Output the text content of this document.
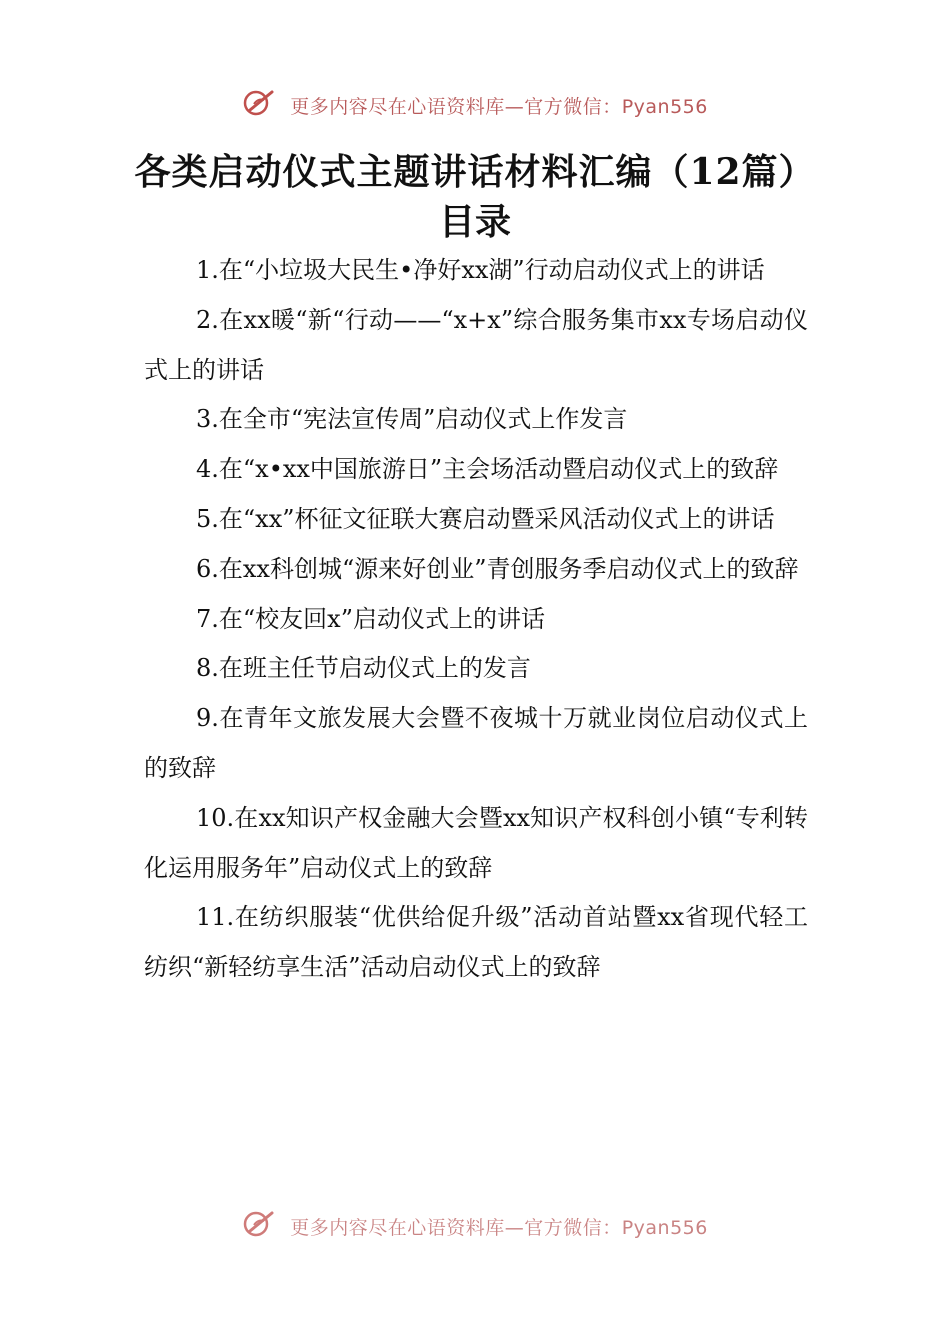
更多内容尽在心语资料库—官方微信：Pyan556
各类启动仪式主题讲话材料汇编（12篇）
目录
1.在“小垃圾大民生•净好xx湖”行动启动仪式上的讲话
2.在xx暖“新“行动——“x+x”综合服务集市xx专场启动仪式上的讲话
3.在全市“宪法宣传周”启动仪式上作发言
4.在“x•xx中国旅游日”主会场活动暨启动仪式上的致辞
5.在“xx”杯征文征联大赛启动暨采风活动仪式上的讲话
6.在xx科创城“源来好创业”青创服务季启动仪式上的致辞
7.在“校友回x”启动仪式上的讲话
8.在班主任节启动仪式上的发言
9.在青年文旅发展大会暨不夜城十万就业岗位启动仪式上的致辞
10.在xx知识产权金融大会暨xx知识产权科创小镇“专利转化运用服务年”启动仪式上的致辞
11.在纺织服装“优供给促升级”活动首站暨xx省现代轻工纺织“新轻纺享生活”活动启动仪式上的致辞
更多内容尽在心语资料库—官方微信：Pyan556
